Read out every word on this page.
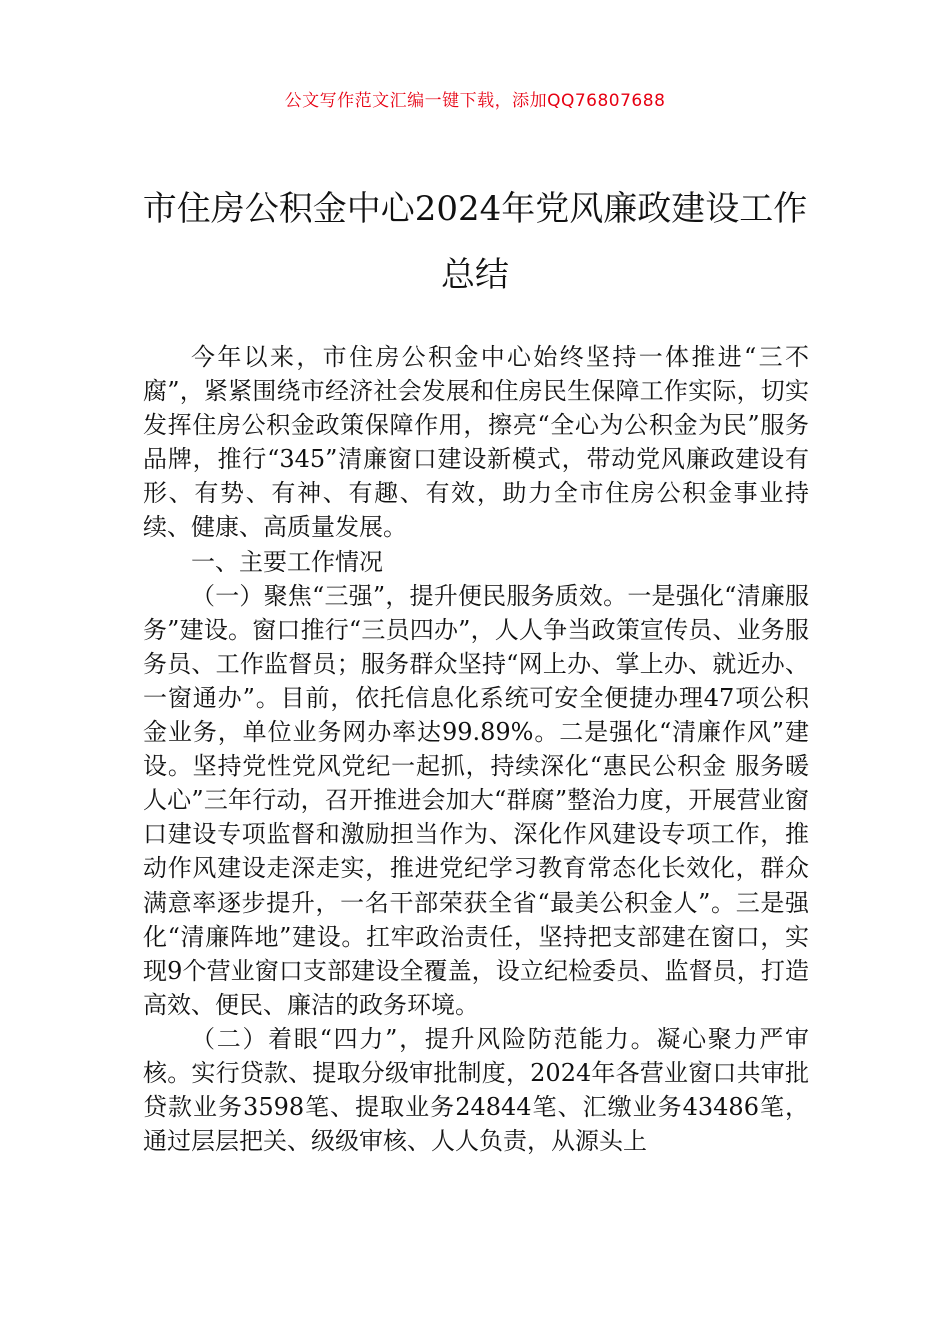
公文写作范文汇编一键下载，添加QQ76807688
市住房公积金中心2024年党风廉政建设工作总结

今年以来，市住房公积金中心始终坚持一体推进“三不腐”，紧紧围绕市经济社会发展和住房民生保障工作实际，切实发挥住房公积金政策保障作用，擦亮“全心为公积金为民”服务品牌，推行“345”清廉窗口建设新模式，带动党风廉政建设有形、有势、有神、有趣、有效，助力全市住房公积金事业持续、健康、高质量发展。

一、主要工作情况

（一）聚焦“三强”，提升便民服务质效。一是强化“清廉服务”建设。窗口推行“三员四办”，人人争当政策宣传员、业务服务员、工作监督员；服务群众坚持“网上办、掌上办、就近办、一窗通办”。目前，依托信息化系统可安全便捷办理47项公积金业务，单位业务网办率达99.89%。二是强化“清廉作风”建设。坚持党性党风党纪一起抓，持续深化“惠民公积金 服务暖人心”三年行动，召开推进会加大“群腐”整治力度，开展营业窗口建设专项监督和激励担当作为、深化作风建设专项工作，推动作风建设走深走实，推进党纪学习教育常态化长效化，群众满意率逐步提升，一名干部荣获全省“最美公积金人”。三是强化“清廉阵地”建设。扛牢政治责任，坚持把支部建在窗口，实现9个营业窗口支部建设全覆盖，设立纪检委员、监督员，打造高效、便民、廉洁的政务环境。

（二）着眼“四力”，提升风险防范能力。凝心聚力严审核。实行贷款、提取分级审批制度，2024年各营业窗口共审批贷款业务3598笔、提取业务24844笔、汇缴业务43486笔，通过层层把关、级级审核、人人负责，从源头上
